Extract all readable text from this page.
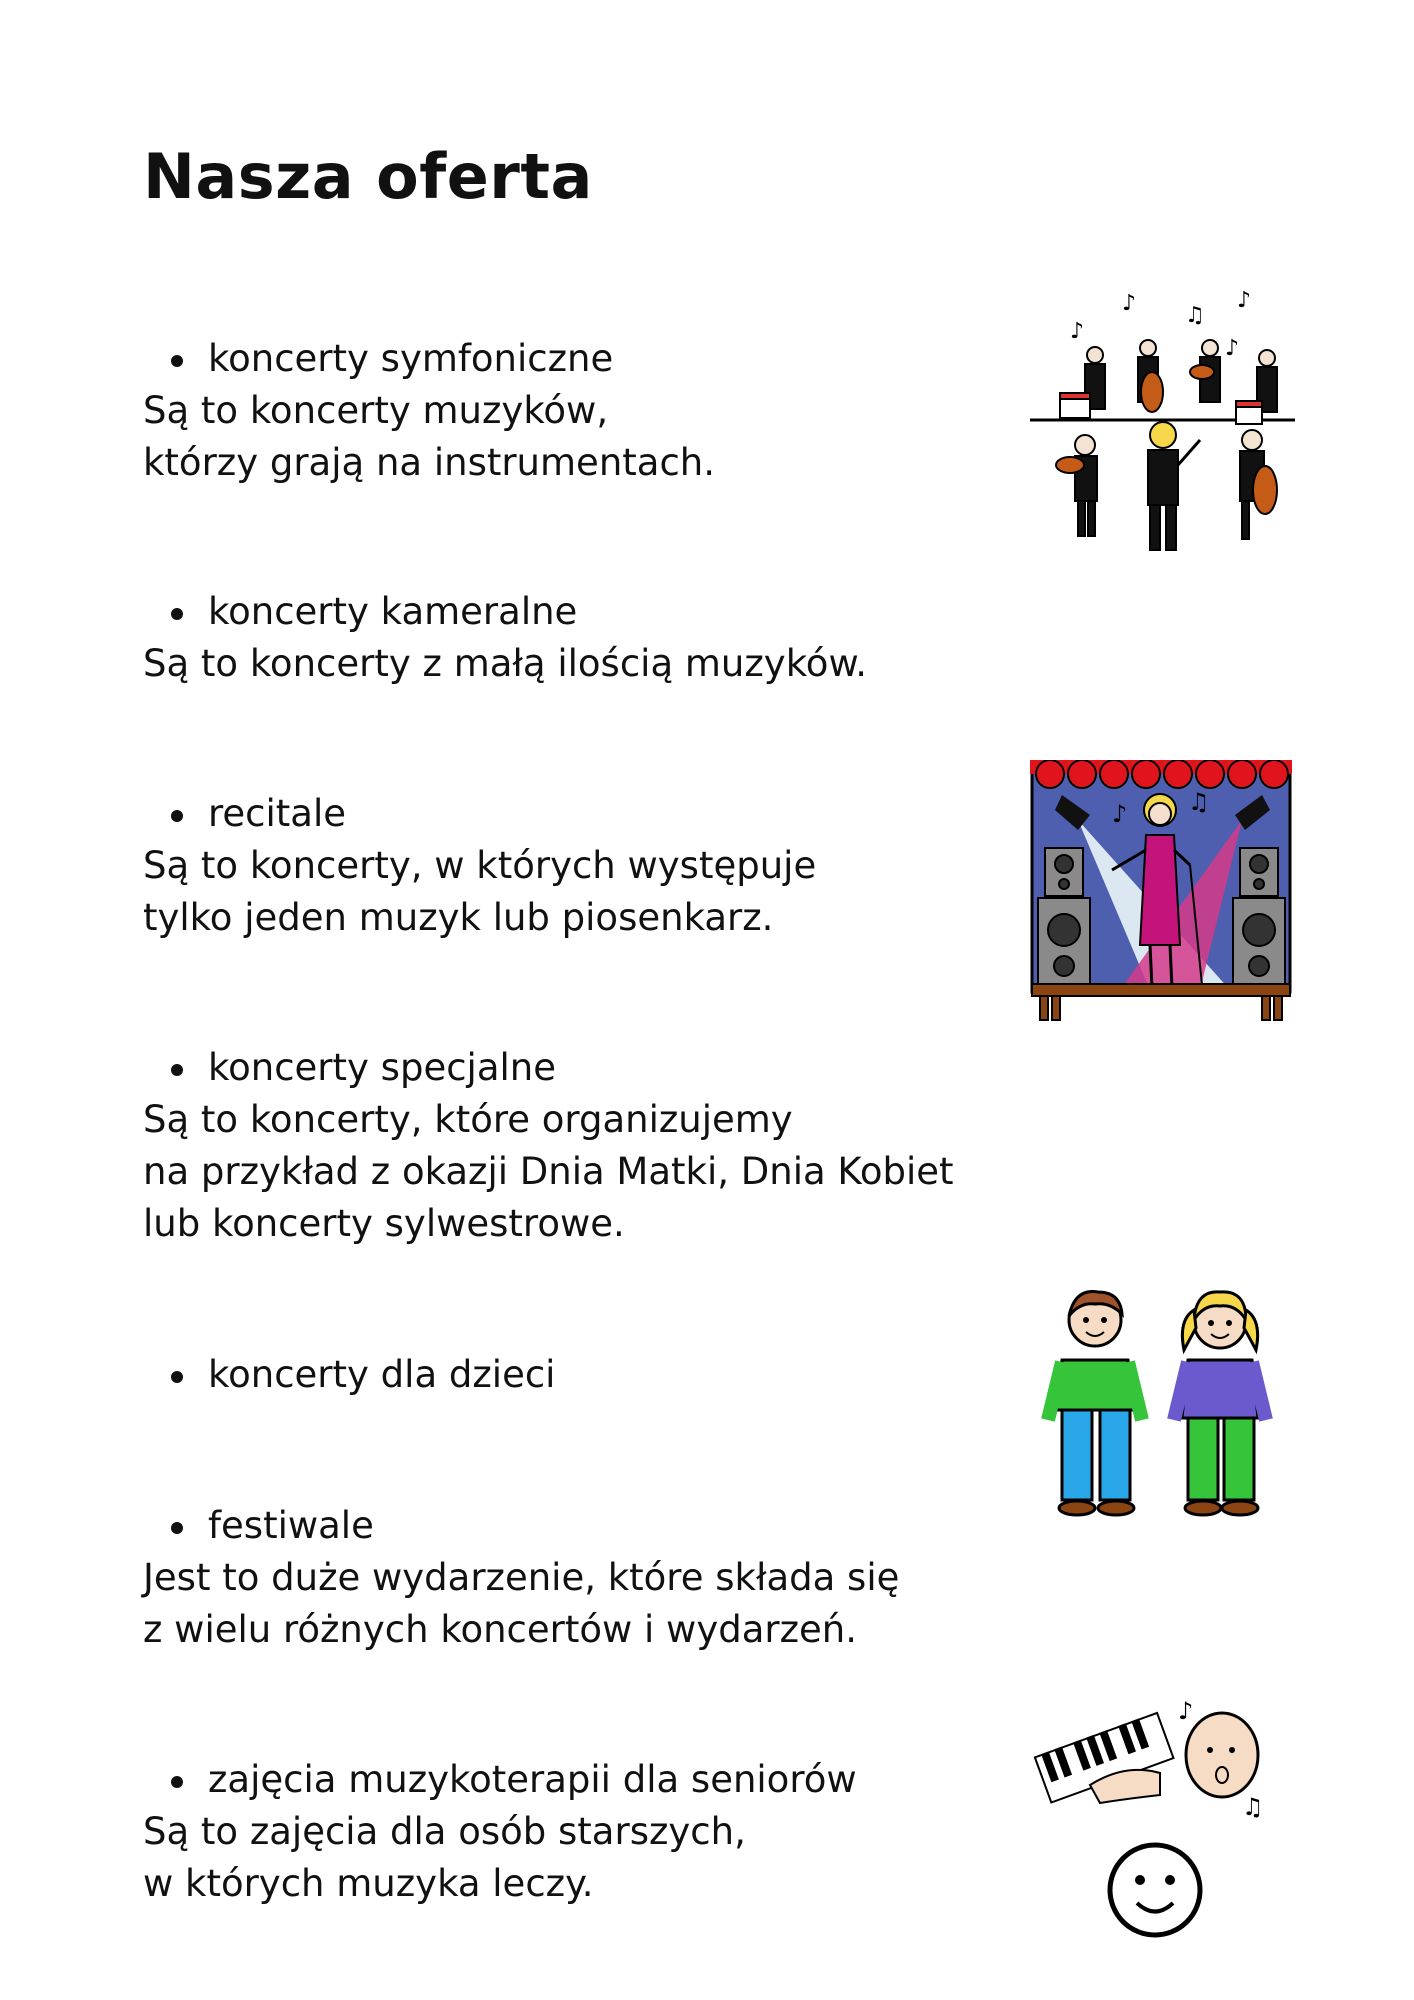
Nasza oferta
koncerty symfoniczne
Są to koncerty muzyków,
którzy grają na instrumentach.
koncerty kameralne
Są to koncerty z małą ilością muzyków.
recitale
Są to koncerty, w których występuje
tylko jeden muzyk lub piosenkarz.
koncerty specjalne
Są to koncerty, które organizujemy
na przykład z okazji Dnia Matki, Dnia Kobiet
lub koncerty sylwestrowe.
koncerty dla dzieci
festiwale
Jest to duże wydarzenie, które składa się
z wielu różnych koncertów i wydarzeń.
zajęcia muzykoterapii dla seniorów
Są to zajęcia dla osób starszych,
w których muzyka leczy.
♪
♪ ♫
♪
♪
♪	♫
♪
♫
